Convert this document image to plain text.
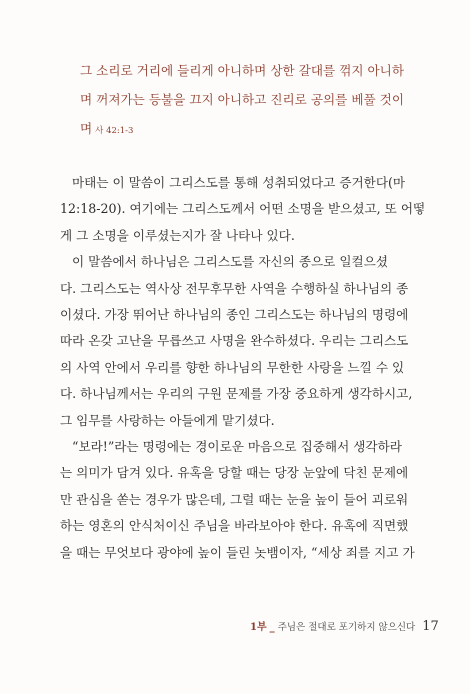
그 소리로 거리에 들리게 아니하며 상한 갈대를 꺾지 아니하
며 꺼져가는 등불을 끄지 아니하고 진리로 공의를 베풀 것이
며 사 42:1-3
마태는 이 말씀이 그리스도를 통해 성취되었다고 증거한다(마
12:18-20). 여기에는 그리스도께서 어떤 소명을 받으셨고, 또 어떻
게 그 소명을 이루셨는지가 잘 나타나 있다.
이 말씀에서 하나님은 그리스도를 자신의 종으로 일컬으셨
다. 그리스도는 역사상 전무후무한 사역을 수행하실 하나님의 종
이셨다. 가장 뛰어난 하나님의 종인 그리스도는 하나님의 명령에
따라 온갖 고난을 무릅쓰고 사명을 완수하셨다. 우리는 그리스도
의 사역 안에서 우리를 향한 하나님의 무한한 사랑을 느낄 수 있
다. 하나님께서는 우리의 구원 문제를 가장 중요하게 생각하시고,
그 임무를 사랑하는 아들에게 맡기셨다.
“보라!”라는 명령에는 경이로운 마음으로 집중해서 생각하라
는 의미가 담겨 있다. 유혹을 당할 때는 당장 눈앞에 닥친 문제에
만 관심을 쏟는 경우가 많은데, 그럴 때는 눈을 높이 들어 괴로워
하는 영혼의 안식처이신 주님을 바라보아야 한다. 유혹에 직면했
을 때는 무엇보다 광야에 높이 들린 놋뱀이자, “세상 죄를 지고 가
1부 _ 주님은 절대로 포기하지 않으신다 17
